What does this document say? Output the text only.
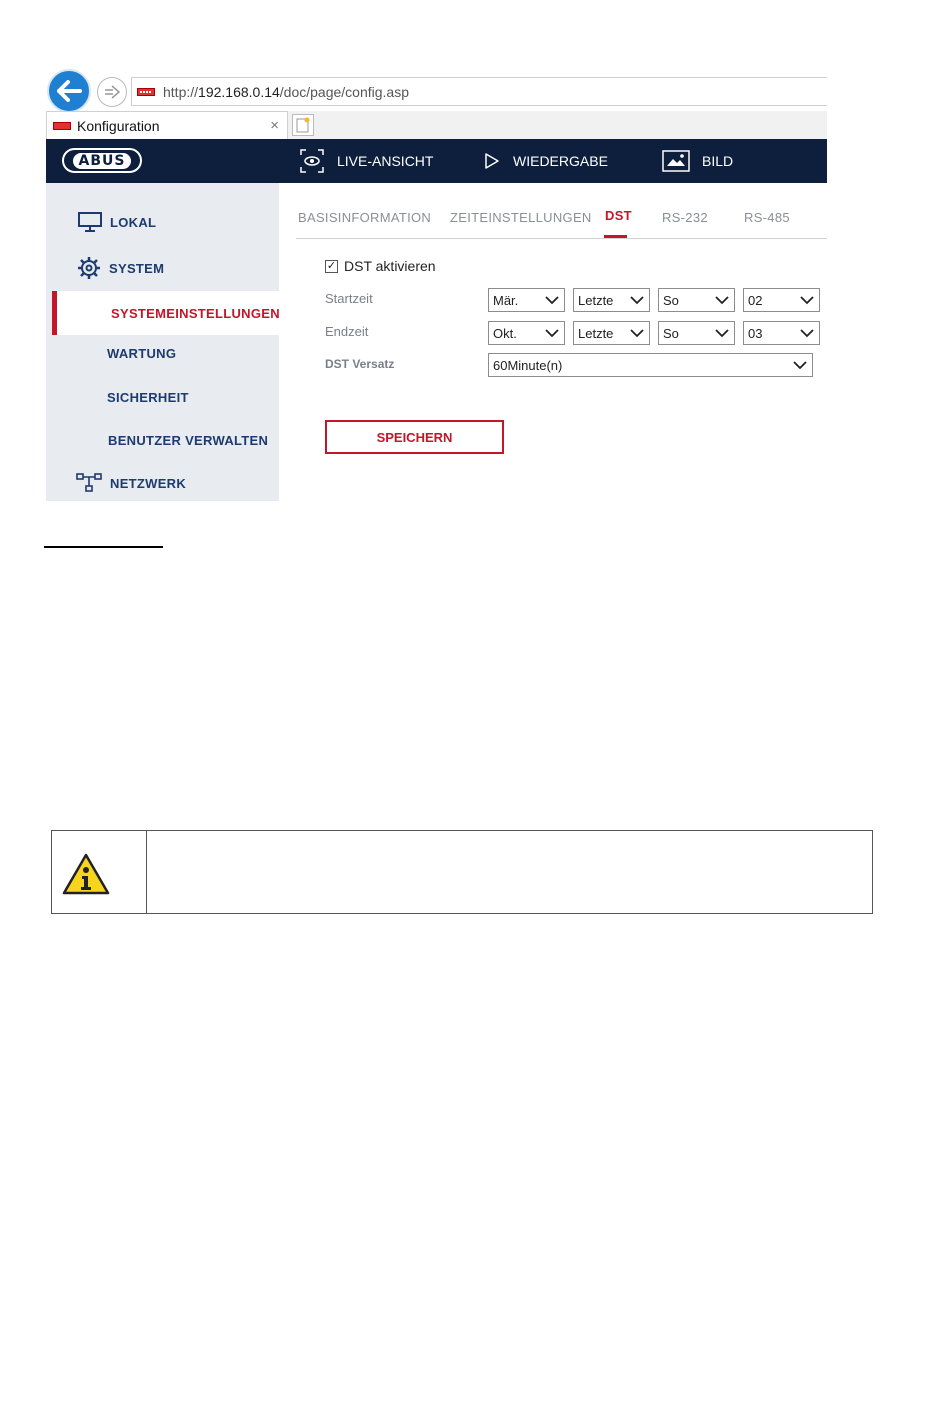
http:// 192.168.0.14 /doc/page/config.asp
Konfiguration	×
ABUS	LIVE-ANSICHT	WIEDERGABE	BILD
LOKAL
SYSTEM
SYSTEMEINSTELLUNGEN
WARTUNG
SICHERHEIT
BENUTZER VERWALTEN
NETZWERK
BASISINFORMATION ZEITEINSTELLUNGEN DST RS-232	RS-485
✓ DST aktivieren
Startzeit	Mär.	Letzte	So	02
Endzeit	Okt.	Letzte	So	03
DST Versatz	60Minute(n)
SPEICHERN
